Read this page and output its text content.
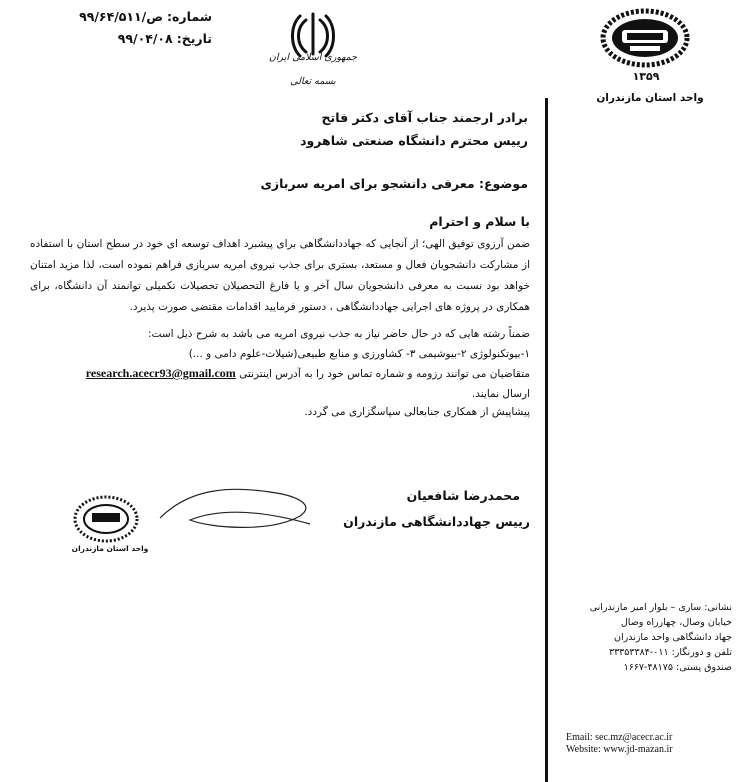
شماره:
۹۹/۶۴/۵۱۱/ص
تاریخ:
۹۹/۰۴/۰۸
جمهوری اسلامی ایران
بسمه تعالی	۱۳۵۹
واحد استان مازندران
برادر ارجمند جناب آقای دکتر فاتح
رییس محترم دانشگاه صنعتی شاهرود
موضوع: معرفی دانشجو برای امریه سربازی
با سلام و احترام
ضمن آرزوی توفیق الهی؛ از آنجایی که جهاددانشگاهی برای پیشبرد اهداف توسعه ای خود در سطح استان با استفاده از مشارکت دانشجویان فعال و مستعد، بستری برای جذب نیروی امریه سربازی فراهم نموده است، لذا مزید امتنان خواهد بود نسبت به معرفی دانشجویان سال آخر و یا فارغ التحصیلان تحصیلات تکمیلی توانمند آن دانشگاه، برای همکاری در پروژه های اجرایی جهاددانشگاهی ، دستور فرمایید اقدامات مقتضی صورت پذیرد.
ضمناً رشته هایی که در حال حاضر نیاز به جذب نیروی امریه می باشد به شرح ذیل است:
۱-بیوتکنولوژی ۲-بیوشیمی ۳- کشاورزی و منابع طبیعی(شیلات-علوم دامی و ...)
متقاضیان می توانند رزومه و شماره تماس خود را به آدرس اینترنتی research.acecr93@gmail.com
ارسال نمایند.
پیشاپیش از همکاری جنابعالی سپاسگزاری می گردد.
محمدرضا شافعیان
رییس جهاددانشگاهی مازندران
واحد استان مازندران
نشانی: ساری – بلوار امیر مازندرانی
خیابان وصال، چهارراه وصال
جهاد دانشگاهی واحد مازندران
تلفن و دورنگار: ۰۱۱-۳۳۳۵۳۳۸۴
صندوق پستی: ۴۸۱۷۵-۱۶۶۷
Email: sec.mz@acecr.ac.ir
Website: www.jd-mazan.ir
